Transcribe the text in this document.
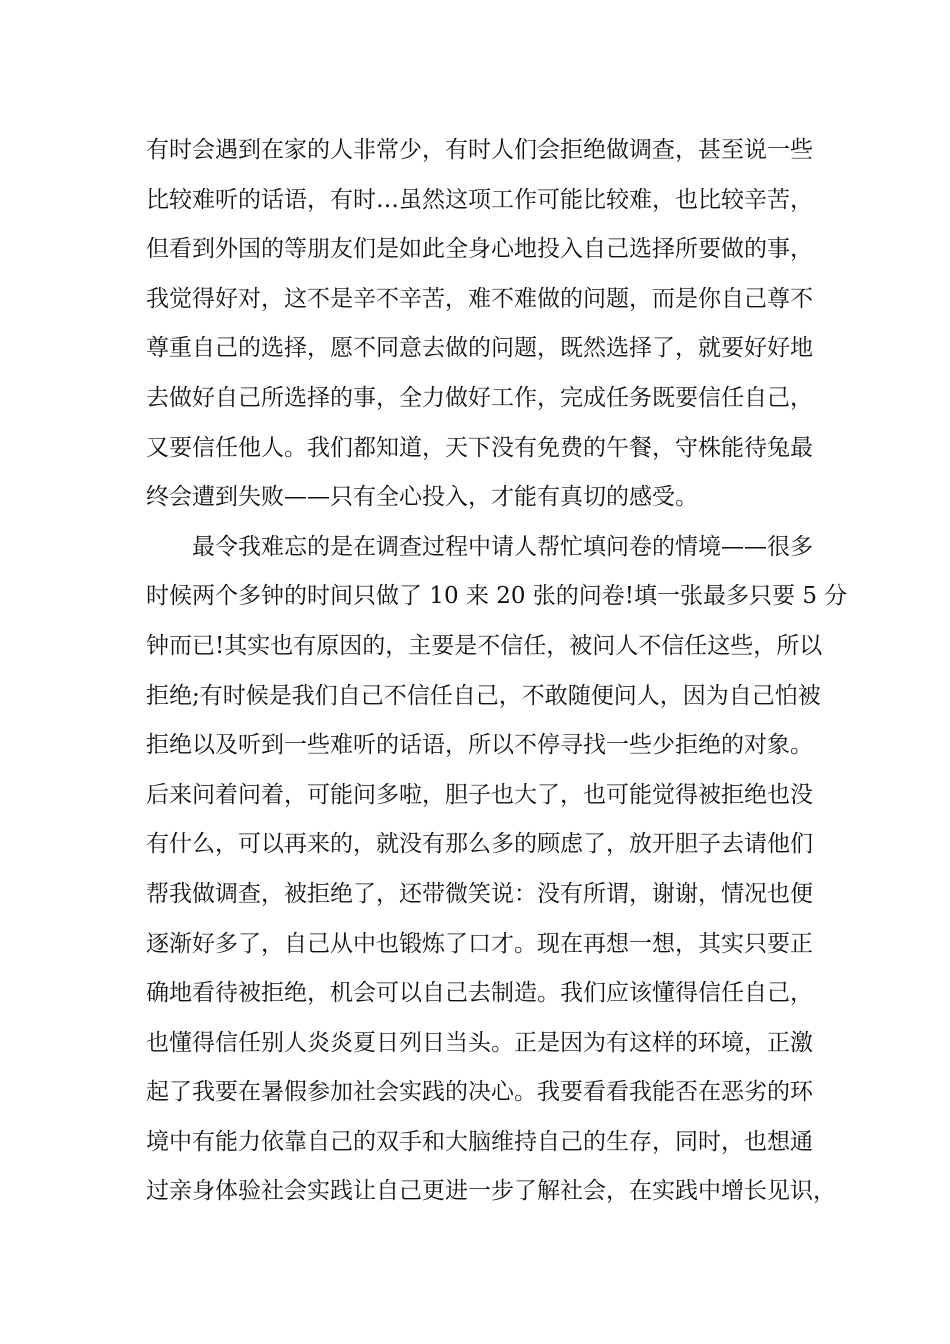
有时会遇到在家的人非常少，有时人们会拒绝做调查，甚至说一些
比较难听的话语，有时…虽然这项工作可能比较难，也比较辛苦，
但看到外国的等朋友们是如此全身心地投入自己选择所要做的事，
我觉得好对，这不是辛不辛苦，难不难做的问题，而是你自己尊不
尊重自己的选择，愿不同意去做的问题，既然选择了，就要好好地
去做好自己所选择的事，全力做好工作，完成任务既要信任自己，
又要信任他人。我们都知道，天下没有免费的午餐，守株能待兔最
终会遭到失败——只有全心投入，才能有真切的感受。
　　最令我难忘的是在调查过程中请人帮忙填问卷的情境——很多
时候两个多钟的时间只做了 10 来 20 张的问卷!填一张最多只要 5 分
钟而已!其实也有原因的，主要是不信任，被问人不信任这些，所以
拒绝;有时候是我们自己不信任自己，不敢随便问人，因为自己怕被
拒绝以及听到一些难听的话语，所以不停寻找一些少拒绝的对象。
后来问着问着，可能问多啦，胆子也大了，也可能觉得被拒绝也没
有什么，可以再来的，就没有那么多的顾虑了，放开胆子去请他们
帮我做调查，被拒绝了，还带微笑说：没有所谓，谢谢，情况也便
逐渐好多了，自己从中也锻炼了口才。现在再想一想，其实只要正
确地看待被拒绝，机会可以自己去制造。我们应该懂得信任自己，
也懂得信任别人炎炎夏日列日当头。正是因为有这样的环境，正激
起了我要在暑假参加社会实践的决心。我要看看我能否在恶劣的环
境中有能力依靠自己的双手和大脑维持自己的生存，同时，也想通
过亲身体验社会实践让自己更进一步了解社会，在实践中增长见识，
